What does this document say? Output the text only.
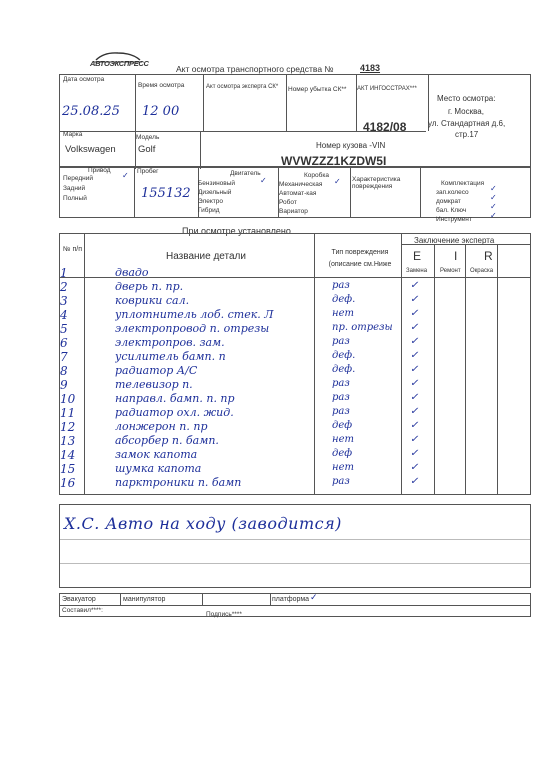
АВТОЭКСПРЕСС
Акт осмотра транспортного средства №	4183
Дата осмотра
25.08.25
Время осмотра
12 00
Акт осмотра эксперта СК* Номер убытка СК** АКТ ИНГОССТРАХ***
4182/08
Место осмотра:
г. Москва,
ул. Стандартная д.6,
стр.17
Марка
Volkswagen
Модель
Golf	Номер кузова -VIN
WVWZZZ1KZDW5I
Привод
Передний	✓
Задний
Полный
Пробег
155132
Двигатель
Бензиновый	✓
Дизельный
Электро
Гибрид
Коробка
Механическая ✓
Автомат-кая
Робот
Вариатор
Характеристика повреждения	Комплектация
зап.колесо	✓
домкрат	✓
бал. Ключ	✓
Инструмент ✓
При осмотре установлено
Заключение эксперта
№ п/п
Название детали	Тип повреждения (описание см.Ниже
E	I R
Замена Ремонт Окраска
1	двадо
2	дверь п. пр.	раз	✓
3	коврики сал.	деф.	✓
4	уплотнитель лоб. стек. Л	нет	✓
5	электропровод п. отрезы	пр. отрезы ✓
6	электропров. зам.	раз	✓
7	усилитель бамп. п	деф.	✓
8	радиатор А/С	деф.	✓
9	телевизор п.	раз	✓
10	направл. бамп. п. пр	раз	✓
11	радиатор охл. жид.	раз	✓
12	лонжерон п. пр	деф	✓
13	абсорбер п. бамп.	нет	✓
14	замок капота	деф	✓
15	шумка капота	нет	✓
16	парктроники п. бамп	раз	✓
Х.С. Авто на ходу (заводится)
Эвакуатор	манипулятор	платформа ✓
Составил****:
Подпись****
